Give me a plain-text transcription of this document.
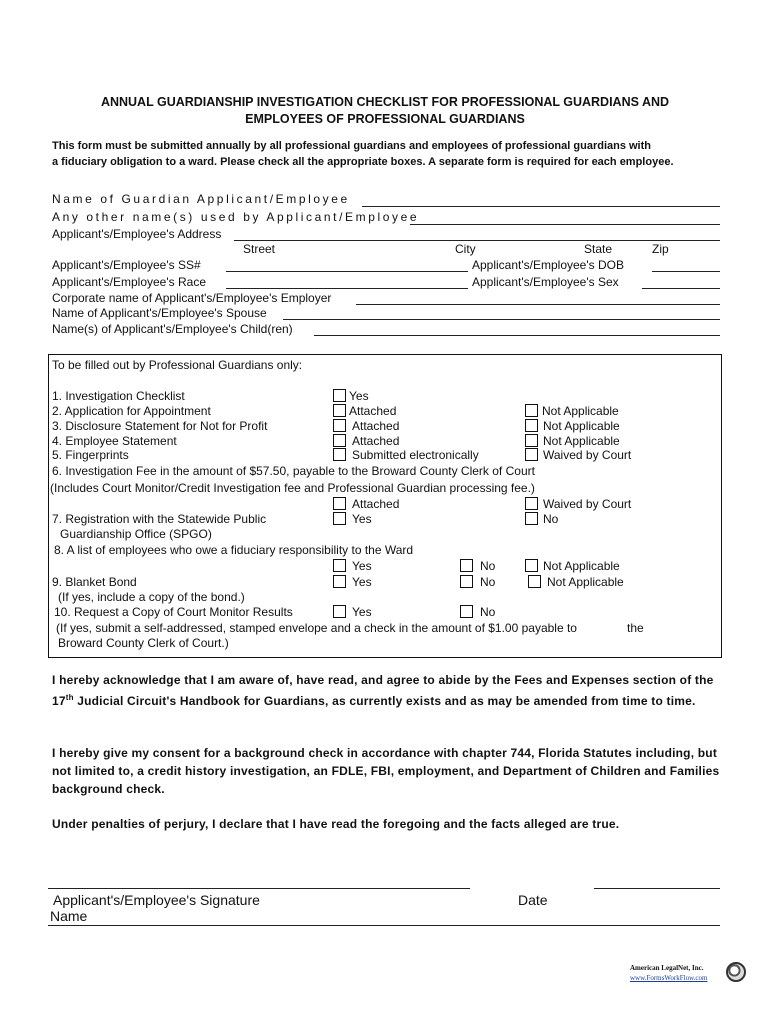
ANNUAL GUARDIANSHIP INVESTIGATION CHECKLIST FOR PROFESSIONAL GUARDIANS AND
EMPLOYEES OF PROFESSIONAL GUARDIANS
This form must be submitted annually by all professional guardians and employees of professional guardians with
a fiduciary obligation to a ward. Please check all the appropriate boxes. A separate form is required for each employee.
Name of Guardian Applicant/Employee
Any other name(s) used by Applicant/Employee
Applicant's/Employee's Address
Street	City	State	Zip
Applicant's/Employee's SS#	Applicant's/Employee's DOB
Applicant's/Employee's Race	Applicant's/Employee's Sex
Corporate name of Applicant's/Employee's Employer
Name of Applicant's/Employee's Spouse
Name(s) of Applicant's/Employee's Child(ren)
To be filled out by Professional Guardians only:
1. Investigation Checklist	Yes
2. Application for Appointment	Attached	Not Applicable
3. Disclosure Statement for Not for Profit	Attached	Not Applicable
4. Employee Statement	Attached	Not Applicable
5. Fingerprints	Submitted electronically	Waived by Court
6. Investigation Fee in the amount of $57.50, payable to the Broward County Clerk of Court
(Includes Court Monitor/Credit Investigation fee and Professional Guardian processing fee.)
Attached	Waived by Court
7. Registration with the Statewide Public
Guardianship Office (SPGO)
Yes	No
8. A list of employees who owe a fiduciary responsibility to the Ward
Yes	No	Not Applicable
9. Blanket Bond	Yes	No	Not Applicable
(If yes, include a copy of the bond.)
10. Request a Copy of Court Monitor Results	Yes	No
(If yes, submit a self-addressed, stamped envelope and a check in the amount of $1.00 payable to	the
Broward County Clerk of Court.)
I hereby acknowledge that I am aware of, have read, and agree to abide by the Fees and Expenses section of the 17th Judicial Circuit's Handbook for Guardians, as currently exists and as may be amended from time to time.
I hereby give my consent for a background check in accordance with chapter 744, Florida Statutes including, but not limited to, a credit history investigation, an FDLE, FBI, employment, and Department of Children and Families background check.
Under penalties of perjury, I declare that I have read the foregoing and the facts alleged are true.
Applicant's/Employee's Signature	Date
Name
American LegalNet, Inc.
www.FormsWorkFlow.com
